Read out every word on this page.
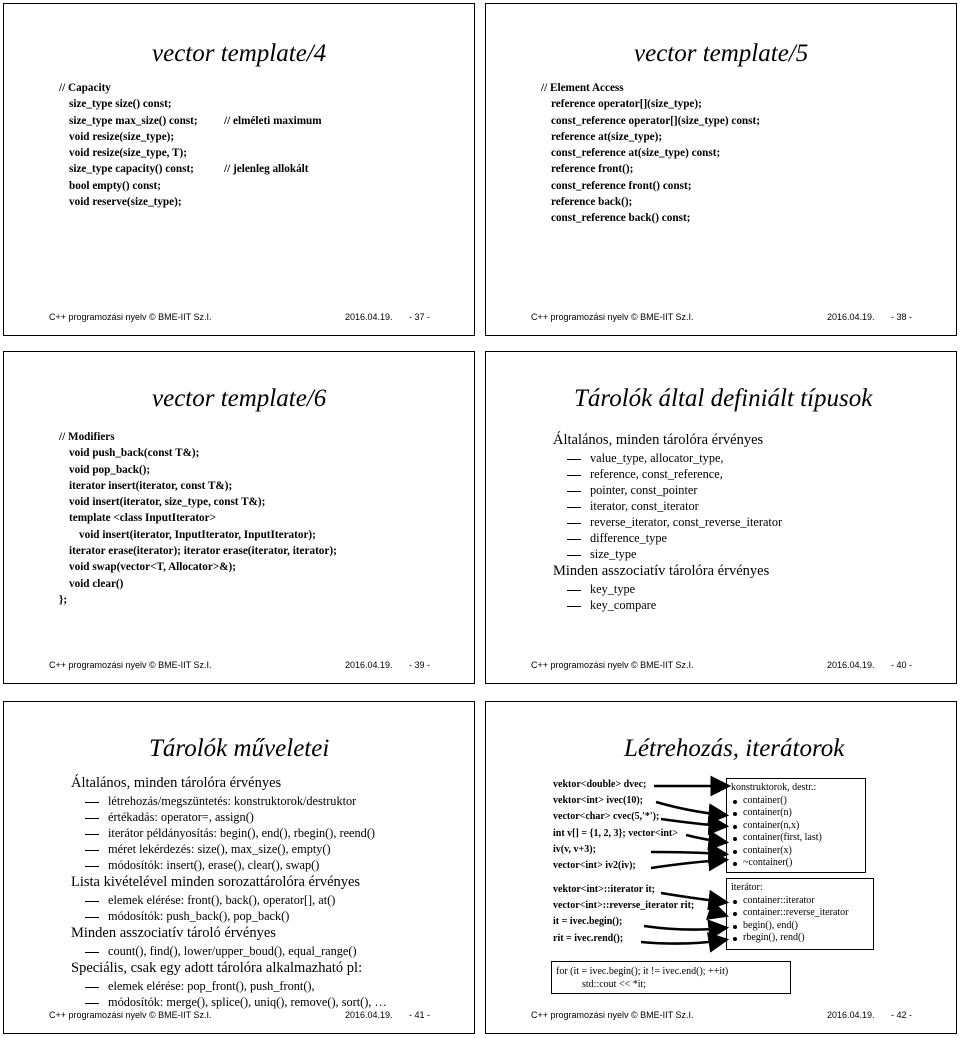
vector template/4
// Capacity
size_type size() const;
size_type max_size() const; // elméleti maximum
void resize(size_type);
void resize(size_type, T);
size_type capacity() const;	// jelenleg allokált
bool empty() const;
void reserve(size_type);
C++ programozási nyelv © BME-IIT Sz.I.	2016.04.19. - 37 -
vector template/5
// Element Access
reference operator[](size_type);
const_reference operator[](size_type) const;
reference at(size_type);
const_reference at(size_type) const;
reference front();
const_reference front() const;
reference back();
const_reference back() const;
C++ programozási nyelv © BME-IIT Sz.I.	2016.04.19. - 38 -
vector template/6
// Modifiers
void push_back(const T&);
void pop_back();
iterator insert(iterator, const T&);
void insert(iterator, size_type, const T&);
template <class InputIterator>
void insert(iterator, InputIterator, InputIterator);
iterator erase(iterator); iterator erase(iterator, iterator);
void swap(vector<T, Allocator>&);
void clear()
};
C++ programozási nyelv © BME-IIT Sz.I.	2016.04.19. - 39 -
Tárolók által definiált típusok
Általános, minden tárolóra érvényes
value_type, allocator_type,
reference, const_reference,
pointer, const_pointer
iterator, const_iterator
reverse_iterator, const_reverse_iterator
difference_type
size_type
Minden asszociatív tárolóra érvényes
key_type
key_compare
C++ programozási nyelv © BME-IIT Sz.I.	2016.04.19. - 40 -
Tárolók műveletei
Általános, minden tárolóra érvényes
létrehozás/megszüntetés: konstruktorok/destruktor
értékadás: operator=, assign()
iterátor példányosítás: begin(), end(), rbegin(), reend()
méret lekérdezés: size(), max_size(), empty()
módosítók: insert(), erase(), clear(), swap()
Lista kivételével minden sorozattárolóra érvényes
elemek elérése: front(), back(), operator[], at()
módosítók: push_back(), pop_back()
Minden asszociatív tároló érvényes
count(), find(), lower/upper_boud(), equal_range()
Speciális, csak egy adott tárolóra alkalmazható pl:
elemek elérése: pop_front(), push_front(),
módosítók: merge(), splice(), uniq(), remove(), sort(), …
C++ programozási nyelv © BME-IIT Sz.I.	2016.04.19. - 41 -
Létrehozás, iterátorok
vektor<double> dvec;
vektor<int> ivec(10);
vector<char> cvec(5,'*');
int v[] = {1, 2, 3}; vector<int>
iv(v, v+3);
vector<int> iv2(iv);
vektor<int>::iterator it;
vector<int>::reverse_iterator rit;
it = ivec.begin();
rit = ivec.rend();
konstruktorok, destr.:
container()
container(n)
container(n,x)
container(first, last)
container(x)
~container()
iterátor:
container::iterator
container::reverse_iterator
begin(), end()
rbegin(), rend()
for (it = ivec.begin(); it != ivec.end(); ++it)
std::cout << *it;
C++ programozási nyelv © BME-IIT Sz.I.	2016.04.19. - 42 -
